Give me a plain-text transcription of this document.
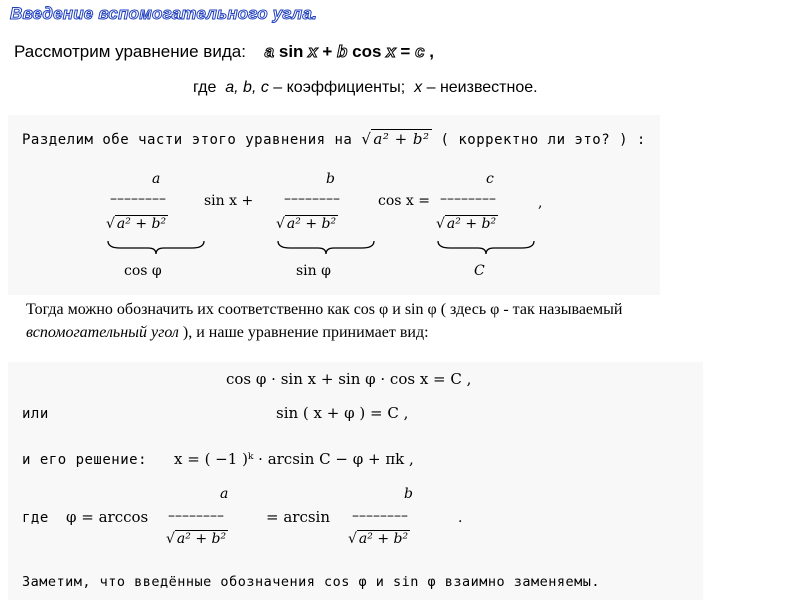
Введение вспомогательного угла.
Рассмотрим уравнение вида: a sin x + b cos x = c ,
где a, b, c – коэффициенты; x – неизвестное.
Разделим обе части этого уравнения на √ a² + b² ( корректно ли это? ) :
a
––––––––
√ a² + b²
sin x +
b
––––––––
√ a² + b²
cos x =
c
––––––––
√ a² + b²
,
cos φ	sin φ	C
Тогда можно обозначить их соответственно как cos φ и sin φ ( здесь φ - так называемый
вспомогательный угол ), и наше уравнение принимает вид:
cos φ · sin x + sin φ · cos x = C ,
или	sin ( x + φ ) = C ,
и его решение: x = ( −1 )ᵏ · arcsin C − φ + πk ,
где φ = arccos
a
––––––––
√ a² + b²
= arcsin
b
––––––––
√ a² + b²
.
Заметим, что введённые обозначения cos φ и sin φ взаимно заменяемы.
